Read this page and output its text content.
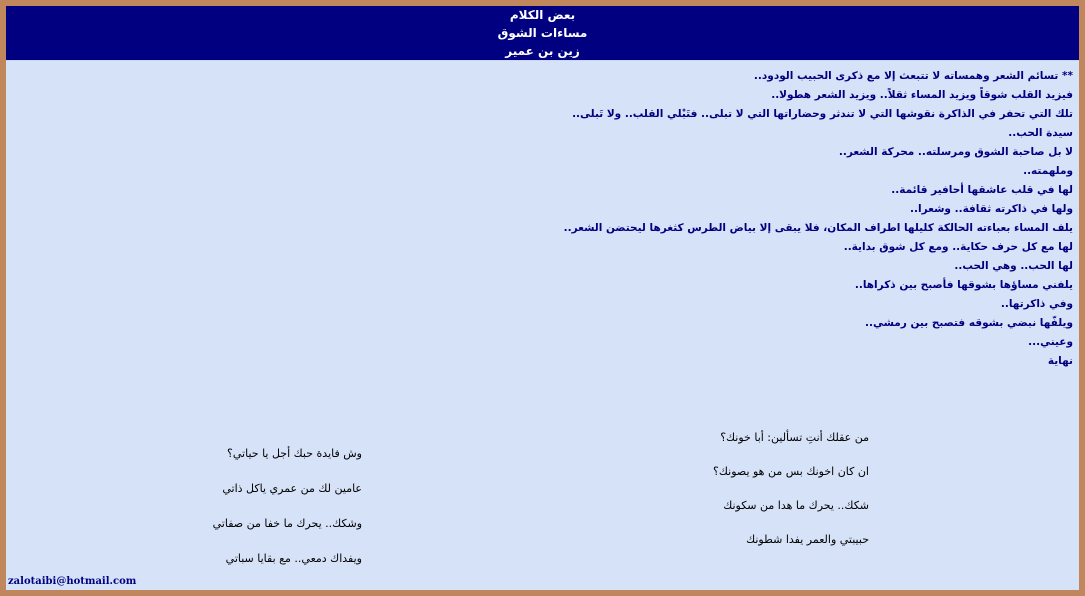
بعض الكلام
مساءات الشوق
زين بن عمير
** تسائم الشعر وهمساته لا تتبعث إلا مع ذكرى الحبيب الودود..
فيزيد القلب شوقاً ويزيد المساء ثقلاً.. ويزيد الشعر هطولا..
تلك التي تحفر في الذاكرة نقوشها التي لا تندثر وحضاراتها التي لا تبلى.. فتَبْلي القلب.. ولا تَبلى..
سيدة الحب..
لا بل صاحبة الشوق ومرسلته.. محركة الشعر..
وملهمته..
لها في قلب عاشقها أحافير قائمة..
ولها في ذاكرته ثقافة.. وشعرا..
يلف المساء بعباءته الحالكة كليلها اطراف المكان، فلا يبقى إلا بياض الطرس كثغرها ليحتضن الشعر..
لها مع كل حرف حكاية.. ومع كل شوق بداية..
لها الحب.. وهي الحب..
يلفني مساؤها بشوقها فأصبح بين ذكراها..
وفي ذاكرتها..
ويلفّها نبضي بشوقه فتصبح بين رمشي..
وعيني...
نهاية
من عقلك أنتِ تسألين: أبا خونك؟
ان كان اخونك بس من هو يصونك؟
شكك.. يحرك ما هدا من سكونك
حبيبتي والعمر يفدا شطونك
وش فايدة حبك أجل يا حياتي؟
عامين لك من عمري ياكل ذاتي
وشكك.. يحرك ما خفا من صفاتي
ويفداك دمعي.. مع بقايا سباتي
zalotaibi@hotmail.com
